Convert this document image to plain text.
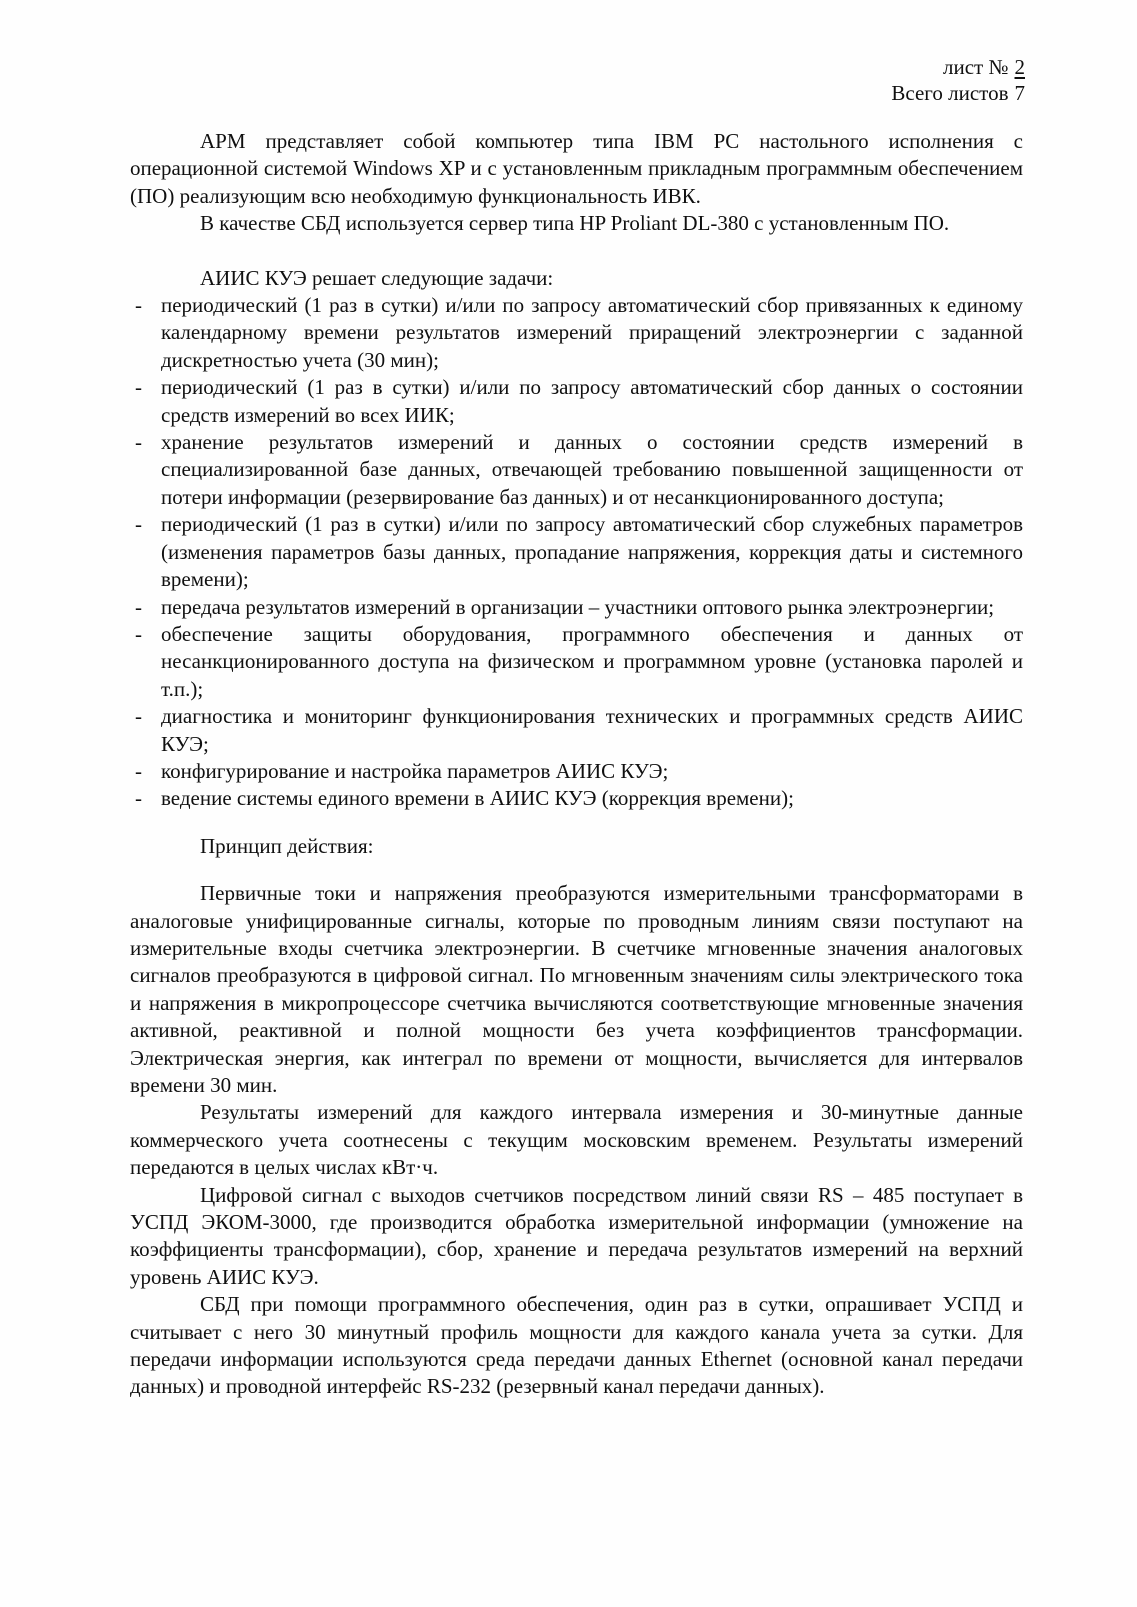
лист № 2
Всего листов 7

АРМ представляет собой компьютер типа IBM PC настольного исполнения с операционной системой Windows XP и с установленным прикладным программным обеспечением (ПО) реализующим всю необходимую функциональность ИВК.

В качестве СБД используется сервер типа HP Proliant DL-380 с установленным ПО.

АИИС КУЭ решает следующие задачи:

- периодический (1 раз в сутки) и/или по запросу автоматический сбор привязанных к единому календарному времени результатов измерений приращений электроэнергии с заданной дискретностью учета (30 мин);
- периодический (1 раз в сутки) и/или по запросу автоматический сбор данных о состоянии средств измерений во всех ИИК;
- хранение результатов измерений и данных о состоянии средств измерений в специализированной базе данных, отвечающей требованию повышенной защищенности от потери информации (резервирование баз данных) и от несанкционированного доступа;
- периодический (1 раз в сутки) и/или по запросу автоматический сбор служебных параметров (изменения параметров базы данных, пропадание напряжения, коррекция даты и системного времени);
- передача результатов измерений в организации – участники оптового рынка электроэнергии;
- обеспечение защиты оборудования, программного обеспечения и данных от несанкционированного доступа на физическом и программном уровне (установка паролей и т.п.);
- диагностика и мониторинг функционирования технических и программных средств АИИС КУЭ;
- конфигурирование и настройка параметров АИИС КУЭ;
- ведение системы единого времени в АИИС КУЭ (коррекция времени);

Принцип действия:

Первичные токи и напряжения преобразуются измерительными трансформаторами в аналоговые унифицированные сигналы, которые по проводным линиям связи поступают на измерительные входы счетчика электроэнергии. В счетчике мгновенные значения аналоговых сигналов преобразуются в цифровой сигнал. По мгновенным значениям силы электрического тока и напряжения в микропроцессоре счетчика вычисляются соответствующие мгновенные значения активной, реактивной и полной мощности без учета коэффициентов трансформации. Электрическая энергия, как интеграл по времени от мощности, вычисляется для интервалов времени 30 мин.

Результаты измерений для каждого интервала измерения и 30-минутные данные коммерческого учета соотнесены с текущим московским временем. Результаты измерений передаются в целых числах кВт·ч.

Цифровой сигнал с выходов счетчиков посредством линий связи RS – 485 поступает в УСПД ЭКОМ-3000, где производится обработка измерительной информации (умножение на коэффициенты трансформации), сбор, хранение и передача результатов измерений на верхний уровень АИИС КУЭ.

СБД при помощи программного обеспечения, один раз в сутки, опрашивает УСПД и считывает с него 30 минутный профиль мощности для каждого канала учета за сутки. Для передачи информации используются среда передачи данных Ethernet (основной канал передачи данных) и проводной интерфейс RS-232 (резервный канал передачи данных).
